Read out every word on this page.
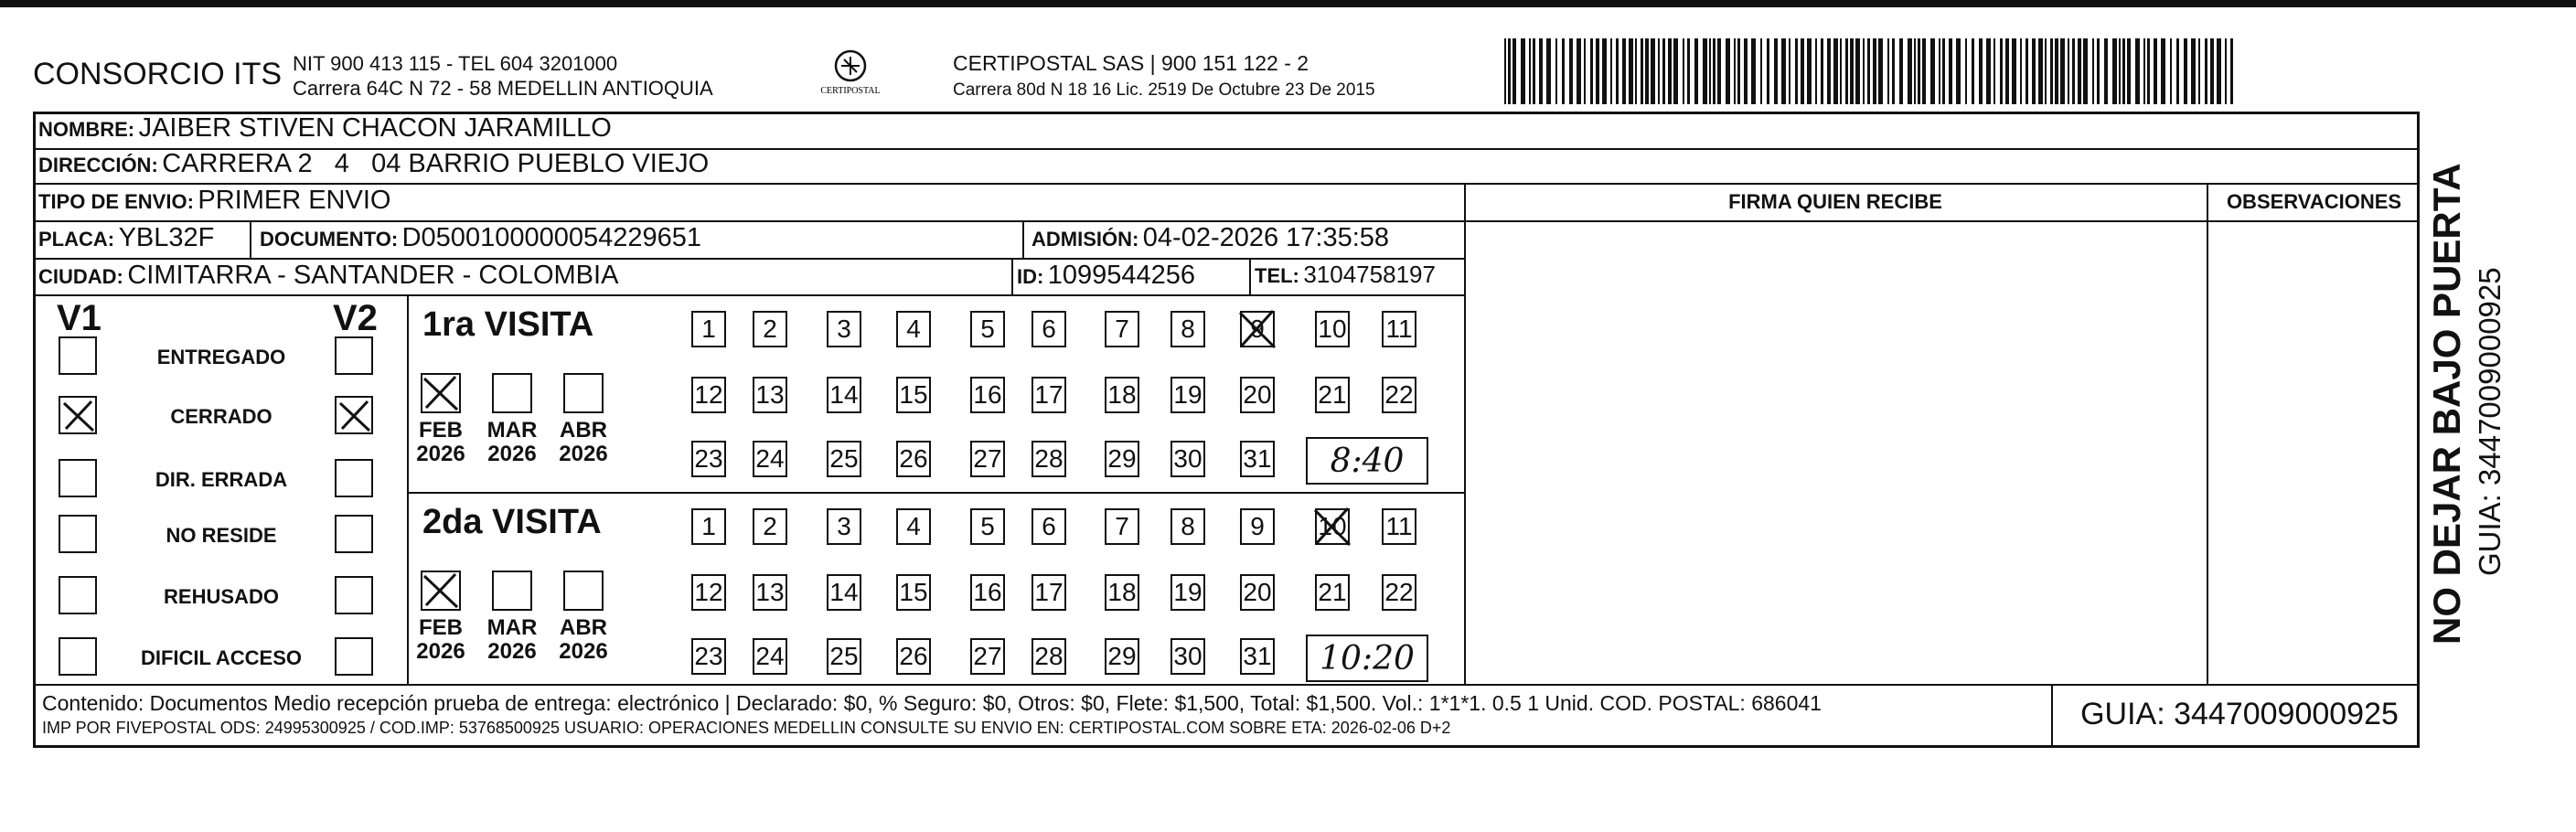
CONSORCIO ITS NIT 900 413 115 - TEL 604 3201000
Carrera 64C N 72 - 58 MEDELLIN ANTIOQUIA	CERTIPOSTAL
CERTIPOSTAL SAS | 900 151 122 - 2
Carrera 80d N 18 16 Lic. 2519 De Octubre 23 De 2015
NOMBRE: JAIBER STIVEN CHACON JARAMILLO
DIRECCIÓN: CARRERA 2   4   04 BARRIO PUEBLO VIEJO
TIPO DE ENVIO: PRIMER ENVIO	FIRMA QUIEN RECIBE	OBSERVACIONES
PLACA: YBL32F DOCUMENTO: D0500100000054229651	ADMISIÓN: 04-02-2026 17:35:58
CIUDAD: CIMITARRA - SANTANDER - COLOMBIA	ID: 1099544256	TEL: 3104758197
V1	V2
ENTREGADO
CERRADO
DIR. ERRADA
NO RESIDE
REHUSADO
DIFICIL ACCESO
1ra VISITA
FEB
2026
MAR
2026
ABR
2026
1	2	3	4	5	6	7	8	9	10 11
12 13 14 15 16 17 18 19 20 21 22
23 24 25 26 27 28 29 30 31	8:40
2da VISITA
FEB
2026
MAR
2026
ABR
2026
1	2	3	4	5	6	7	8	9	10 11
12 13 14 15 16 17 18 19 20 21 22
23 24 25 26 27 28 29 30 31	10:20
Contenido: Documentos Medio recepción prueba de entrega: electrónico | Declarado: $0, % Seguro: $0, Otros: $0, Flete: $1,500, Total: $1,500. Vol.: 1*1*1. 0.5 1 Unid. COD. POSTAL: 686041
IMP POR FIVEPOSTAL ODS: 24995300925 / COD.IMP: 53768500925 USUARIO: OPERACIONES MEDELLIN CONSULTE SU ENVIO EN: CERTIPOSTAL.COM SOBRE ETA: 2026-02-06 D+2	GUIA: 3447009000925
NO DEJAR BAJO PUERTA GUIA: 3447009000925
